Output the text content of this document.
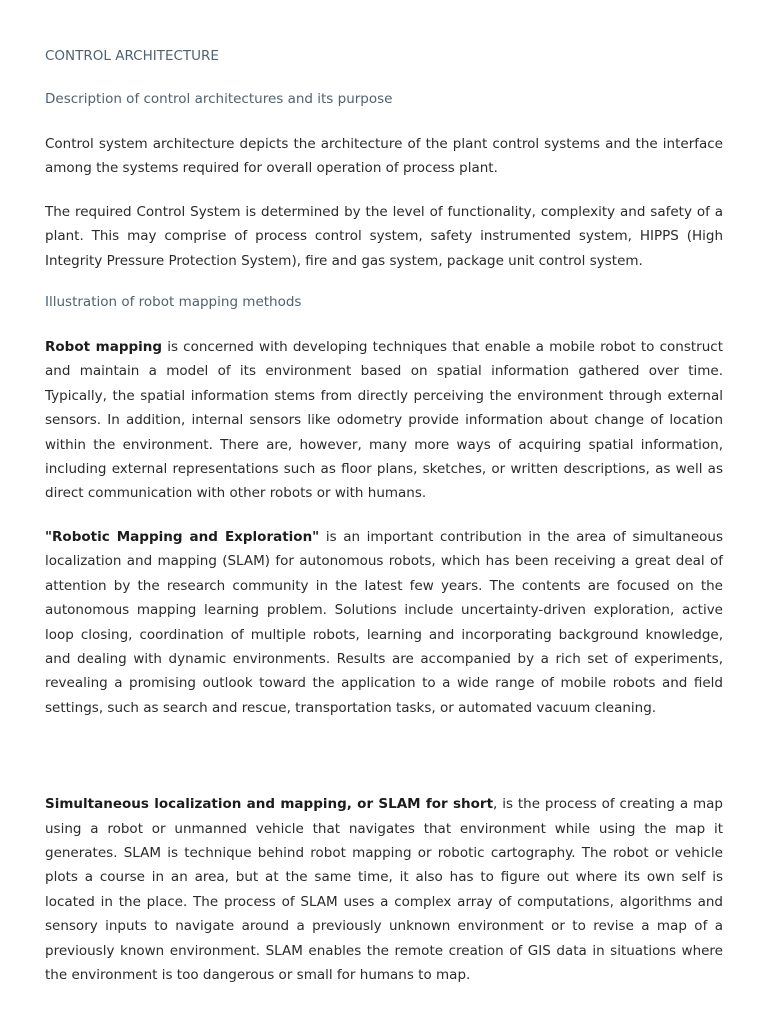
CONTROL ARCHITECTURE
Description of control architectures and its purpose

Control system architecture depicts the architecture of the plant control systems and the interface among the systems required for overall operation of process plant.

The required Control System is determined by the level of functionality, complexity and safety of a plant. This may comprise of process control system, safety instrumented system, HIPPS (High Integrity Pressure Protection System), fire and gas system, package unit control system.

Illustration of robot mapping methods

Robot mapping is concerned with developing techniques that enable a mobile robot to construct and maintain a model of its environment based on spatial information gathered over time. Typically, the spatial information stems from directly perceiving the environment through external sensors. In addition, internal sensors like odometry provide information about change of location within the environment. There are, however, many more ways of acquiring spatial information, including external representations such as floor plans, sketches, or written descriptions, as well as direct communication with other robots or with humans.

"Robotic Mapping and Exploration" is an important contribution in the area of simultaneous localization and mapping (SLAM) for autonomous robots, which has been receiving a great deal of attention by the research community in the latest few years. The contents are focused on the autonomous mapping learning problem. Solutions include uncertainty-driven exploration, active loop closing, coordination of multiple robots, learning and incorporating background knowledge, and dealing with dynamic environments. Results are accompanied by a rich set of experiments, revealing a promising outlook toward the application to a wide range of mobile robots and field settings, such as search and rescue, transportation tasks, or automated vacuum cleaning.

Simultaneous localization and mapping, or SLAM for short, is the process of creating a map using a robot or unmanned vehicle that navigates that environment while using the map it generates. SLAM is technique behind robot mapping or robotic cartography. The robot or vehicle plots a course in an area, but at the same time, it also has to figure out where its own self is located in the place. The process of SLAM uses a complex array of computations, algorithms and sensory inputs to navigate around a previously unknown environment or to revise a map of a previously known environment. SLAM enables the remote creation of GIS data in situations where the environment is too dangerous or small for humans to map.
